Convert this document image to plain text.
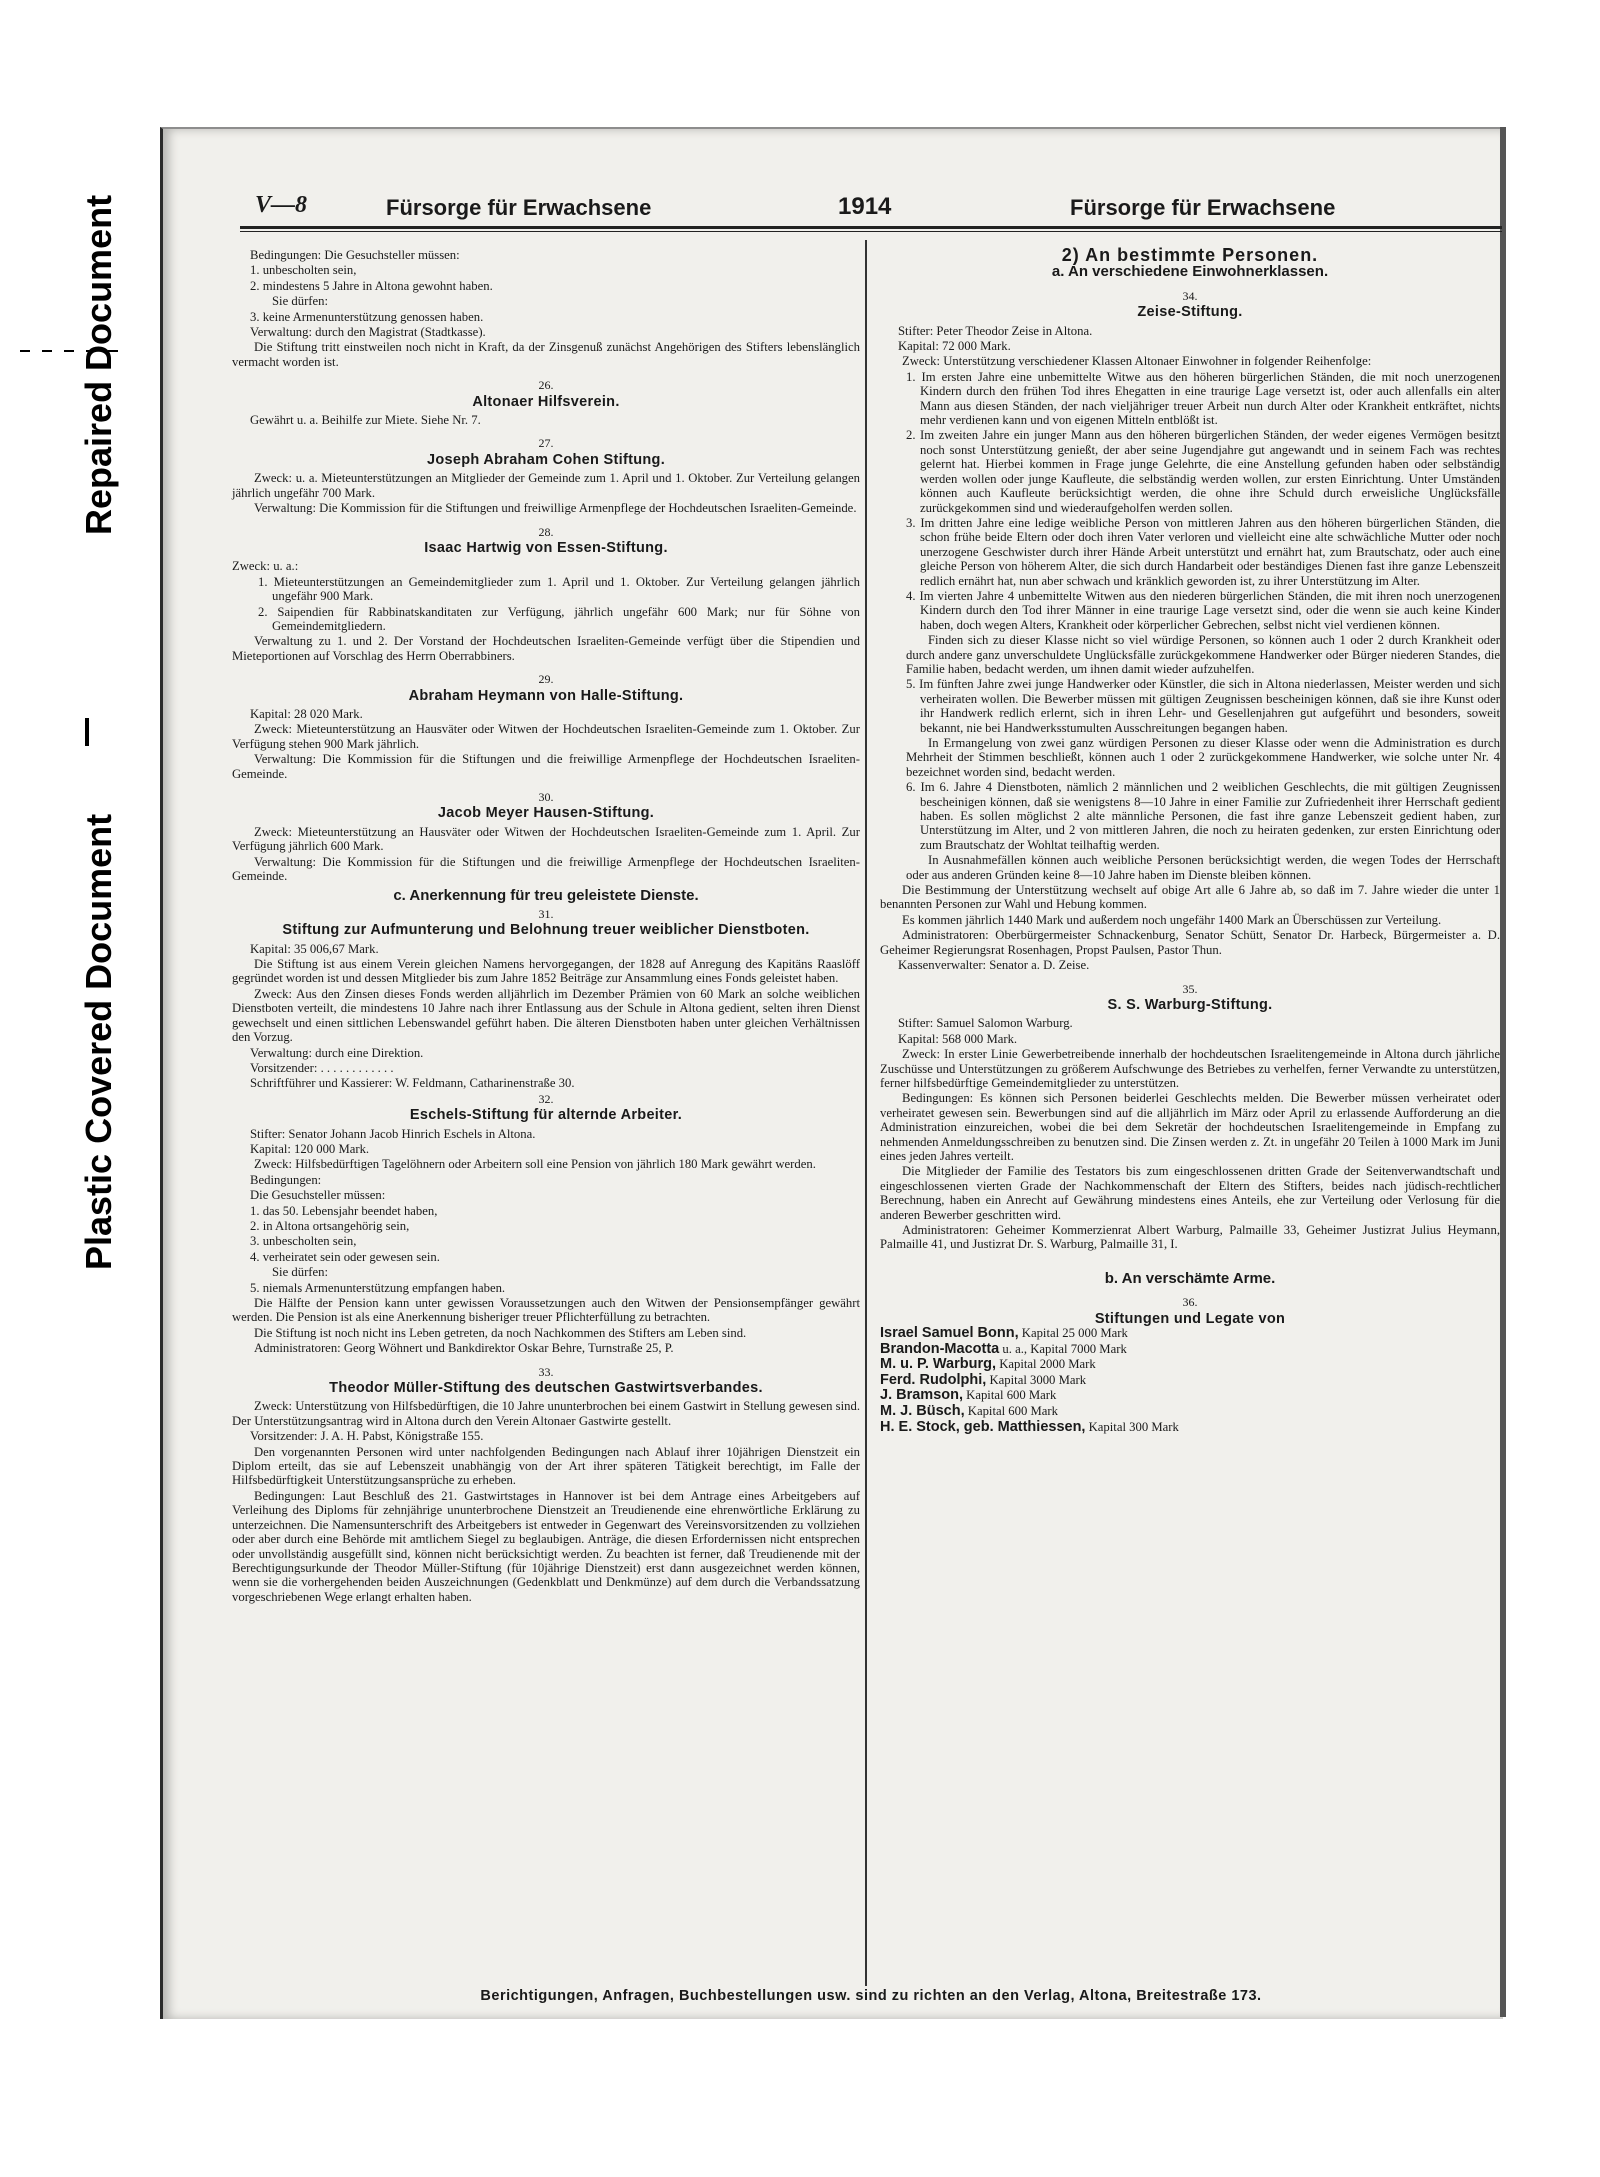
Repaired Document
Plastic Covered Document
V—8	Fürsorge für Erwachsene	1914	Fürsorge für Erwachsene

Bedingungen: Die Gesuchsteller müssen:

1. unbescholten sein,

2. mindestens 5 Jahre in Altona gewohnt haben.

Sie dürfen:

3. keine Armenunterstützung genossen haben.

Verwaltung: durch den Magistrat (Stadtkasse).

Die Stiftung tritt einstweilen noch nicht in Kraft, da der Zinsgenuß zunächst Angehörigen des Stifters lebenslänglich vermacht worden ist.

26.
Altonaer Hilfsverein.

Gewährt u. a. Beihilfe zur Miete. Siehe Nr. 7.

27.
Joseph Abraham Cohen Stiftung.

Zweck: u. a. Mieteunterstützungen an Mitglieder der Gemeinde zum 1. April und 1. Oktober. Zur Verteilung gelangen jährlich ungefähr 700 Mark.

Verwaltung: Die Kommission für die Stiftungen und freiwillige Armenpflege der Hochdeutschen Israeliten-Gemeinde.

28.
Isaac Hartwig von Essen-Stiftung.

Zweck: u. a.:

1. Mieteunterstützungen an Gemeindemitglieder zum 1. April und 1. Oktober. Zur Verteilung gelangen jährlich ungefähr 900 Mark.

2. Saipendien für Rabbinatskanditaten zur Verfügung, jährlich ungefähr 600 Mark; nur für Söhne von Gemeindemitgliedern.

Verwaltung zu 1. und 2. Der Vorstand der Hochdeutschen Israeliten-Gemeinde verfügt über die Stipendien und Mieteportionen auf Vorschlag des Herrn Oberrabbiners.

29.
Abraham Heymann von Halle-Stiftung.

Kapital: 28 020 Mark.

Zweck: Mieteunterstützung an Hausväter oder Witwen der Hochdeutschen Israeliten-Gemeinde zum 1. Oktober. Zur Verfügung stehen 900 Mark jährlich.

Verwaltung: Die Kommission für die Stiftungen und die freiwillige Armenpflege der Hochdeutschen Israeliten-Gemeinde.

30.
Jacob Meyer Hausen-Stiftung.

Zweck: Mieteunterstützung an Hausväter oder Witwen der Hochdeutschen Israeliten-Gemeinde zum 1. April. Zur Verfügung jährlich 600 Mark.

Verwaltung: Die Kommission für die Stiftungen und die freiwillige Armenpflege der Hochdeutschen Israeliten-Gemeinde.

c. Anerkennung für treu geleistete Dienste.
31.
Stiftung zur Aufmunterung und Belohnung treuer weiblicher Dienstboten.

Kapital: 35 006,67 Mark.

Die Stiftung ist aus einem Verein gleichen Namens hervorgegangen, der 1828 auf Anregung des Kapitäns Raaslöff gegründet worden ist und dessen Mitglieder bis zum Jahre 1852 Beiträge zur Ansammlung eines Fonds geleistet haben.

Zweck: Aus den Zinsen dieses Fonds werden alljährlich im Dezember Prämien von 60 Mark an solche weiblichen Dienstboten verteilt, die mindestens 10 Jahre nach ihrer Entlassung aus der Schule in Altona gedient, selten ihren Dienst gewechselt und einen sittlichen Lebenswandel geführt haben. Die älteren Dienstboten haben unter gleichen Verhältnissen den Vorzug.

Verwaltung: durch eine Direktion.

Vorsitzender: . . . . . . . . . . . .

Schriftführer und Kassierer: W. Feldmann, Catharinenstraße 30.

32.
Eschels-Stiftung für alternde Arbeiter.

Stifter: Senator Johann Jacob Hinrich Eschels in Altona.

Kapital: 120 000 Mark.

Zweck: Hilfsbedürftigen Tagelöhnern oder Arbeitern soll eine Pension von jährlich 180 Mark gewährt werden.

Bedingungen:

Die Gesuchsteller müssen:

1. das 50. Lebensjahr beendet haben,

2. in Altona ortsangehörig sein,

3. unbescholten sein,

4. verheiratet sein oder gewesen sein.

Sie dürfen:

5. niemals Armenunterstützung empfangen haben.

Die Hälfte der Pension kann unter gewissen Voraussetzungen auch den Witwen der Pensionsempfänger gewährt werden. Die Pension ist als eine Anerkennung bisheriger treuer Pflichterfüllung zu betrachten.

Die Stiftung ist noch nicht ins Leben getreten, da noch Nachkommen des Stifters am Leben sind.

Administratoren: Georg Wöhnert und Bankdirektor Oskar Behre, Turnstraße 25, P.

33.
Theodor Müller-Stiftung des deutschen Gastwirtsverbandes.

Zweck: Unterstützung von Hilfsbedürftigen, die 10 Jahre ununterbrochen bei einem Gastwirt in Stellung gewesen sind. Der Unterstützungsantrag wird in Altona durch den Verein Altonaer Gastwirte gestellt.

Vorsitzender: J. A. H. Pabst, Königstraße 155.

Den vorgenannten Personen wird unter nachfolgenden Bedingungen nach Ablauf ihrer 10jährigen Dienstzeit ein Diplom erteilt, das sie auf Lebenszeit unabhängig von der Art ihrer späteren Tätigkeit berechtigt, im Falle der Hilfsbedürftigkeit Unterstützungsansprüche zu erheben.

Bedingungen: Laut Beschluß des 21. Gastwirtstages in Hannover ist bei dem Antrage eines Arbeitgebers auf Verleihung des Diploms für zehnjährige ununterbrochene Dienstzeit an Treudienende eine ehrenwörtliche Erklärung zu unterzeichnen. Die Namensunterschrift des Arbeitgebers ist entweder in Gegenwart des Vereinsvorsitzenden zu vollziehen oder aber durch eine Behörde mit amtlichem Siegel zu beglaubigen. Anträge, die diesen Erfordernissen nicht entsprechen oder unvollständig ausgefüllt sind, können nicht berücksichtigt werden. Zu beachten ist ferner, daß Treudienende mit der Berechtigungsurkunde der Theodor Müller-Stiftung (für 10jährige Dienstzeit) erst dann ausgezeichnet werden können, wenn sie die vorhergehenden beiden Auszeichnungen (Gedenkblatt und Denkmünze) auf dem durch die Verbandssatzung vorgeschriebenen Wege erlangt erhalten haben.

2) An bestimmte Personen.
a. An verschiedene Einwohnerklassen.
34.
Zeise-Stiftung.

Stifter: Peter Theodor Zeise in Altona.

Kapital: 72 000 Mark.

Zweck: Unterstützung verschiedener Klassen Altonaer Einwohner in folgender Reihenfolge:

1. Im ersten Jahre eine unbemittelte Witwe aus den höheren bürgerlichen Ständen, die mit noch unerzogenen Kindern durch den frühen Tod ihres Ehegatten in eine traurige Lage versetzt ist, oder auch allenfalls ein alter Mann aus diesen Ständen, der nach vieljähriger treuer Arbeit nun durch Alter oder Krankheit entkräftet, nichts mehr verdienen kann und von eigenen Mitteln entblößt ist.

2. Im zweiten Jahre ein junger Mann aus den höheren bürgerlichen Ständen, der weder eigenes Vermögen besitzt noch sonst Unterstützung genießt, der aber seine Jugendjahre gut angewandt und in seinem Fach was rechtes gelernt hat. Hierbei kommen in Frage junge Gelehrte, die eine Anstellung gefunden haben oder selbständig werden wollen oder junge Kaufleute, die selbständig werden wollen, zur ersten Einrichtung. Unter Umständen können auch Kaufleute berücksichtigt werden, die ohne ihre Schuld durch erweisliche Unglücksfälle zurückgekommen sind und wiederaufgeholfen werden sollen.

3. Im dritten Jahre eine ledige weibliche Person von mittleren Jahren aus den höheren bürgerlichen Ständen, die schon frühe beide Eltern oder doch ihren Vater verloren und vielleicht eine alte schwächliche Mutter oder noch unerzogene Geschwister durch ihrer Hände Arbeit unterstützt und ernährt hat, zum Brautschatz, oder auch eine gleiche Person von höherem Alter, die sich durch Handarbeit oder beständiges Dienen fast ihre ganze Lebenszeit redlich ernährt hat, nun aber schwach und kränklich geworden ist, zu ihrer Unterstützung im Alter.

4. Im vierten Jahre 4 unbemittelte Witwen aus den niederen bürgerlichen Ständen, die mit ihren noch unerzogenen Kindern durch den Tod ihrer Männer in eine traurige Lage versetzt sind, oder die wenn sie auch keine Kinder haben, doch wegen Alters, Krankheit oder körperlicher Gebrechen, selbst nicht viel verdienen können.

Finden sich zu dieser Klasse nicht so viel würdige Personen, so können auch 1 oder 2 durch Krankheit oder durch andere ganz unverschuldete Unglücksfälle zurückgekommene Handwerker oder Bürger niederen Standes, die Familie haben, bedacht werden, um ihnen damit wieder aufzuhelfen.

5. Im fünften Jahre zwei junge Handwerker oder Künstler, die sich in Altona niederlassen, Meister werden und sich verheiraten wollen. Die Bewerber müssen mit gültigen Zeugnissen bescheinigen können, daß sie ihre Kunst oder ihr Handwerk redlich erlernt, sich in ihren Lehr- und Gesellenjahren gut aufgeführt und besonders, soweit bekannt, nie bei Handwerksstumulten Ausschreitungen begangen haben.

In Ermangelung von zwei ganz würdigen Personen zu dieser Klasse oder wenn die Administration es durch Mehrheit der Stimmen beschließt, können auch 1 oder 2 zurückgekommene Handwerker, wie solche unter Nr. 4 bezeichnet worden sind, bedacht werden.

6. Im 6. Jahre 4 Dienstboten, nämlich 2 männlichen und 2 weiblichen Geschlechts, die mit gültigen Zeugnissen bescheinigen können, daß sie wenigstens 8—10 Jahre in einer Familie zur Zufriedenheit ihrer Herrschaft gedient haben. Es sollen möglichst 2 alte männliche Personen, die fast ihre ganze Lebenszeit gedient haben, zur Unterstützung im Alter, und 2 von mittleren Jahren, die noch zu heiraten gedenken, zur ersten Einrichtung oder zum Brautschatz der Wohltat teilhaftig werden.

In Ausnahmefällen können auch weibliche Personen berücksichtigt werden, die wegen Todes der Herrschaft oder aus anderen Gründen keine 8—10 Jahre haben im Dienste bleiben können.

Die Bestimmung der Unterstützung wechselt auf obige Art alle 6 Jahre ab, so daß im 7. Jahre wieder die unter 1 benannten Personen zur Wahl und Hebung kommen.

Es kommen jährlich 1440 Mark und außerdem noch ungefähr 1400 Mark an Überschüssen zur Verteilung.

Administratoren: Oberbürgermeister Schnackenburg, Senator Schütt, Senator Dr. Harbeck, Bürgermeister a. D. Geheimer Regierungsrat Rosenhagen, Propst Paulsen, Pastor Thun.

Kassenverwalter: Senator a. D. Zeise.

35.
S. S. Warburg-Stiftung.

Stifter: Samuel Salomon Warburg.

Kapital: 568 000 Mark.

Zweck: In erster Linie Gewerbetreibende innerhalb der hochdeutschen Israelitengemeinde in Altona durch jährliche Zuschüsse und Unterstützungen zu größerem Aufschwunge des Betriebes zu verhelfen, ferner Verwandte zu unterstützen, ferner hilfsbedürftige Gemeindemitglieder zu unterstützen.

Bedingungen: Es können sich Personen beiderlei Geschlechts melden. Die Bewerber müssen verheiratet oder verheiratet gewesen sein. Bewerbungen sind auf die alljährlich im März oder April zu erlassende Aufforderung an die Administration einzureichen, wobei die bei dem Sekretär der hochdeutschen Israelitengemeinde in Empfang zu nehmenden Anmeldungsschreiben zu benutzen sind. Die Zinsen werden z. Zt. in ungefähr 20 Teilen à 1000 Mark im Juni eines jeden Jahres verteilt.

Die Mitglieder der Familie des Testators bis zum eingeschlossenen dritten Grade der Seitenverwandtschaft und eingeschlossenen vierten Grade der Nachkommenschaft der Eltern des Stifters, beides nach jüdisch-rechtlicher Berechnung, haben ein Anrecht auf Gewährung mindestens eines Anteils, ehe zur Verteilung oder Verlosung für die anderen Bewerber geschritten wird.

Administratoren: Geheimer Kommerzienrat Albert Warburg, Palmaille 33, Geheimer Justizrat Julius Heymann, Palmaille 41, und Justizrat Dr. S. Warburg, Palmaille 31, I.

b. An verschämte Arme.
36.
Stiftungen und Legate von

Israel Samuel Bonn, Kapital 25 000 Mark

Brandon-Macotta u. a., Kapital 7000 Mark

M. u. P. Warburg, Kapital 2000 Mark

Ferd. Rudolphi, Kapital 3000 Mark

J. Bramson, Kapital 600 Mark

M. J. Büsch, Kapital 600 Mark

H. E. Stock, geb. Matthiessen, Kapital 300 Mark

Berichtigungen, Anfragen, Buchbestellungen usw. sind zu richten an den Verlag, Altona, Breitestraße 173.
